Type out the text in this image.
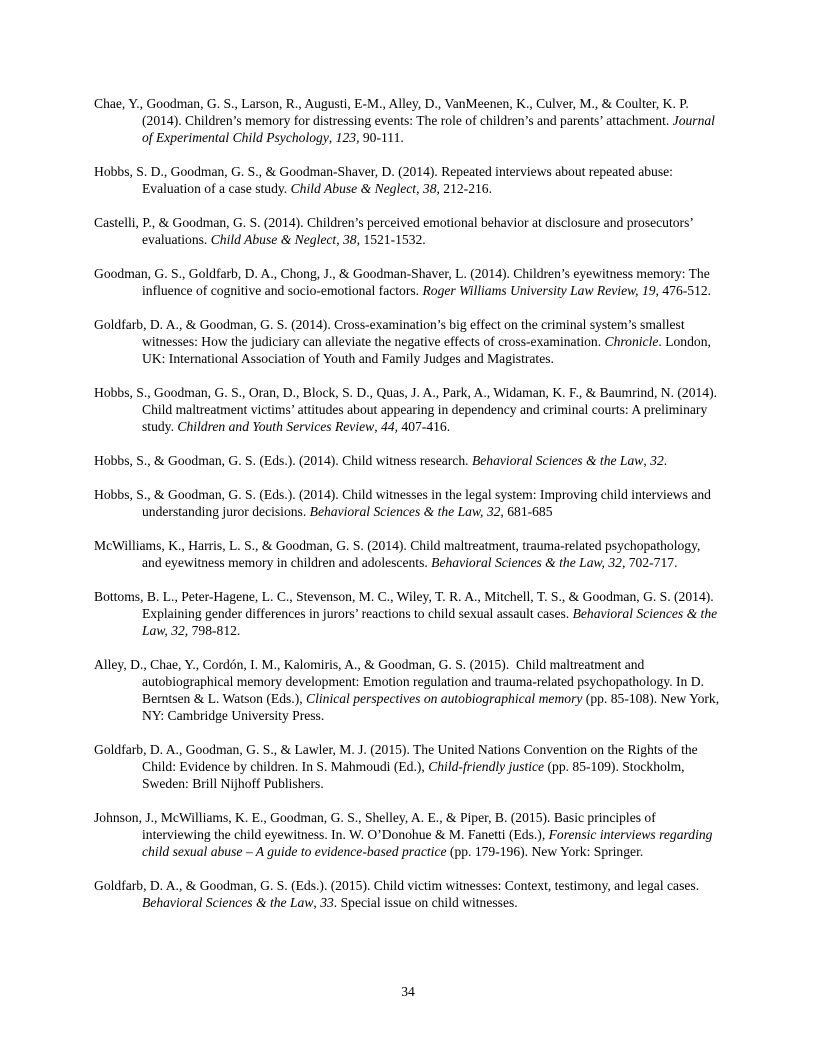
Chae, Y., Goodman, G. S., Larson, R., Augusti, E-M., Alley, D., VanMeenen, K., Culver, M., & Coulter, K. P. (2014). Children’s memory for distressing events: The role of children’s and parents’ attachment. Journal of Experimental Child Psychology, 123, 90-111.

Hobbs, S. D., Goodman, G. S., & Goodman-Shaver, D. (2014). Repeated interviews about repeated abuse: Evaluation of a case study. Child Abuse & Neglect, 38, 212-216.

Castelli, P., & Goodman, G. S. (2014). Children’s perceived emotional behavior at disclosure and prosecutors’ evaluations. Child Abuse & Neglect, 38, 1521-1532.

Goodman, G. S., Goldfarb, D. A., Chong, J., & Goodman-Shaver, L. (2014). Children’s eyewitness memory: The influence of cognitive and socio-emotional factors. Roger Williams University Law Review, 19, 476-512.

Goldfarb, D. A., & Goodman, G. S. (2014). Cross-examination’s big effect on the criminal system’s smallest witnesses: How the judiciary can alleviate the negative effects of cross-examination. Chronicle. London, UK: International Association of Youth and Family Judges and Magistrates.

Hobbs, S., Goodman, G. S., Oran, D., Block, S. D., Quas, J. A., Park, A., Widaman, K. F., & Baumrind, N. (2014).  Child maltreatment victims’ attitudes about appearing in dependency and criminal courts: A preliminary study. Children and Youth Services Review, 44, 407-416.

Hobbs, S., & Goodman, G. S. (Eds.). (2014). Child witness research. Behavioral Sciences & the Law, 32.

Hobbs, S., & Goodman, G. S. (Eds.). (2014). Child witnesses in the legal system: Improving child interviews and understanding juror decisions. Behavioral Sciences & the Law, 32, 681-685

McWilliams, K., Harris, L. S., & Goodman, G. S. (2014). Child maltreatment, trauma-related psychopathology, and eyewitness memory in children and adolescents. Behavioral Sciences & the Law, 32, 702-717.

Bottoms, B. L., Peter-Hagene, L. C., Stevenson, M. C., Wiley, T. R. A., Mitchell, T. S., & Goodman, G. S. (2014). Explaining gender differences in jurors’ reactions to child sexual assault cases. Behavioral Sciences & the Law, 32, 798-812.

Alley, D., Chae, Y., Cordón, I. M., Kalomiris, A., & Goodman, G. S. (2015).  Child maltreatment and autobiographical memory development: Emotion regulation and trauma-related psychopathology. In D. Berntsen & L. Watson (Eds.), Clinical perspectives on autobiographical memory (pp. 85-108). New York, NY: Cambridge University Press.

Goldfarb, D. A., Goodman, G. S., & Lawler, M. J. (2015). The United Nations Convention on the Rights of the Child: Evidence by children. In S. Mahmoudi (Ed.), Child-friendly justice (pp. 85-109). Stockholm, Sweden: Brill Nijhoff Publishers.

Johnson, J., McWilliams, K. E., Goodman, G. S., Shelley, A. E., & Piper, B. (2015). Basic principles of interviewing the child eyewitness. In. W. O’Donohue & M. Fanetti (Eds.), Forensic interviews regarding child sexual abuse – A guide to evidence-based practice (pp. 179-196). New York: Springer.

Goldfarb, D. A., & Goodman, G. S. (Eds.). (2015). Child victim witnesses: Context, testimony, and legal cases. Behavioral Sciences & the Law, 33. Special issue on child witnesses.

34
